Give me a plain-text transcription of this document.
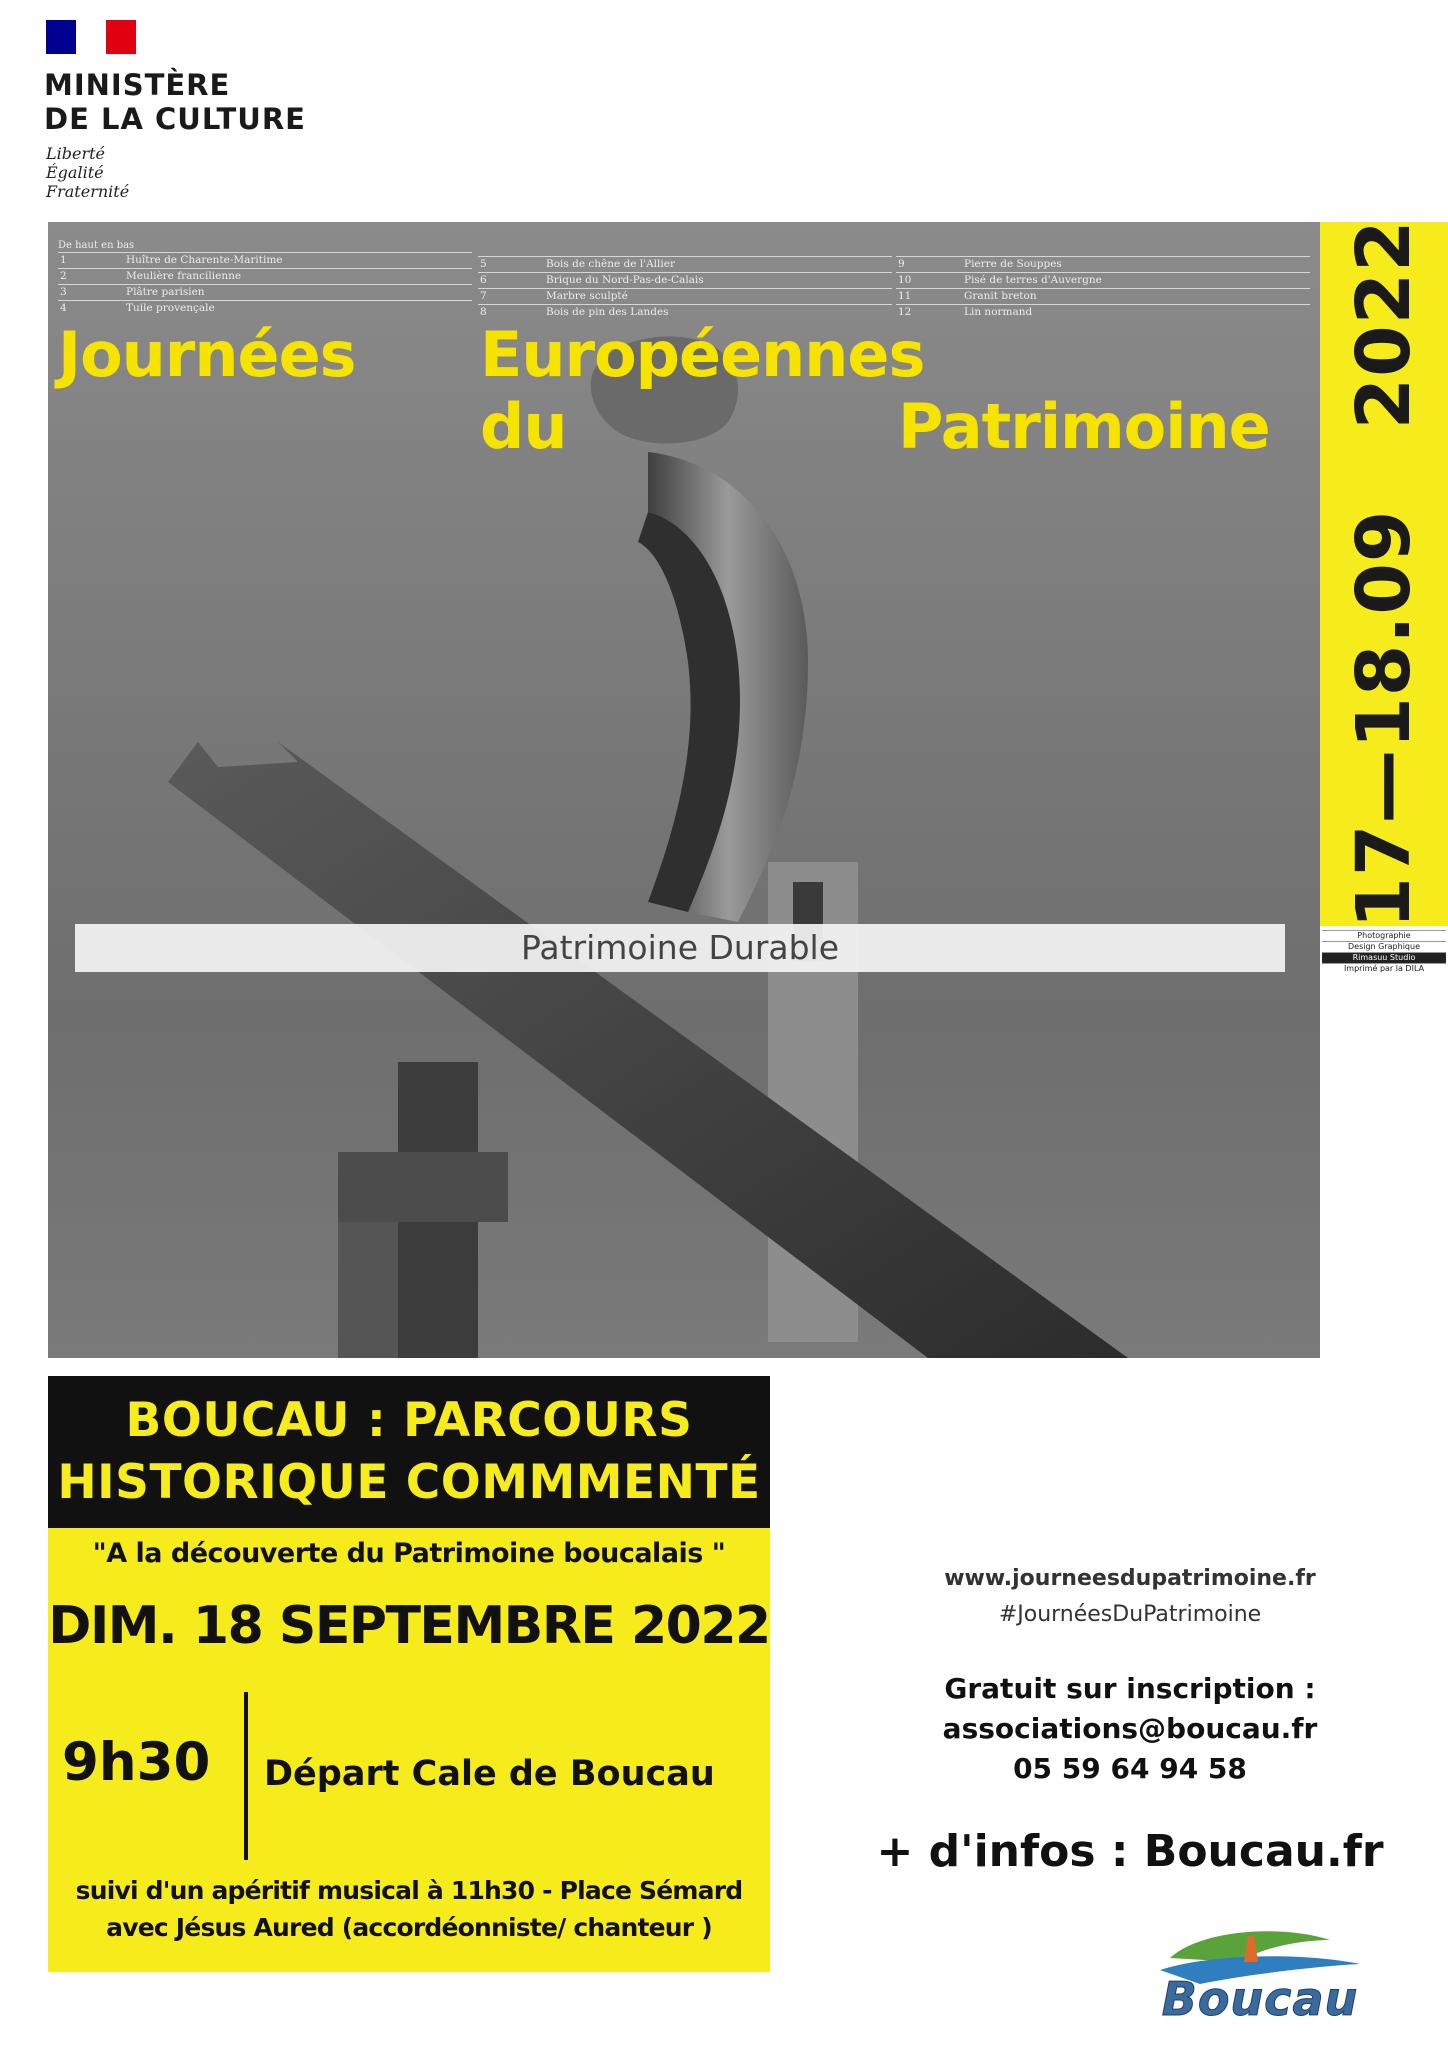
MINISTÈRE
DE LA CULTURE
Liberté
Égalité
Fraternité
De haut en bas
1	Huître de Charente-Maritime
2	Meulière francilienne
3	Plâtre parisien
4	Tuile provençale
5	Bois de chêne de l'Allier
6	Brique du Nord-Pas-de-Calais
7	Marbre sculpté
8	Bois de pin des Landes
9	Pierre de Souppes
10	Pisé de terres d'Auvergne
11	Granit breton
12	Lin normand
Journées Européennes
du	Patrimoine
Patrimoine Durable
17—18.09   2022
Photographie
Design Graphique
Rimasuu Studio
Imprimé par la DILA
BOUCAU : PARCOURS
HISTORIQUE COMMMENTÉ
"A la découverte du Patrimoine boucalais "
DIM. 18 SEPTEMBRE 2022
9h30 Départ Cale de Boucau
suivi d'un apéritif musical à 11h30 - Place Sémard
avec Jésus Aured (accordéonniste/ chanteur )
www.journeesdupatrimoine.fr
#JournéesDuPatrimoine
Gratuit sur inscription :
associations@boucau.fr
05 59 64 94 58
+ d'infos : Boucau.fr
Boucau
